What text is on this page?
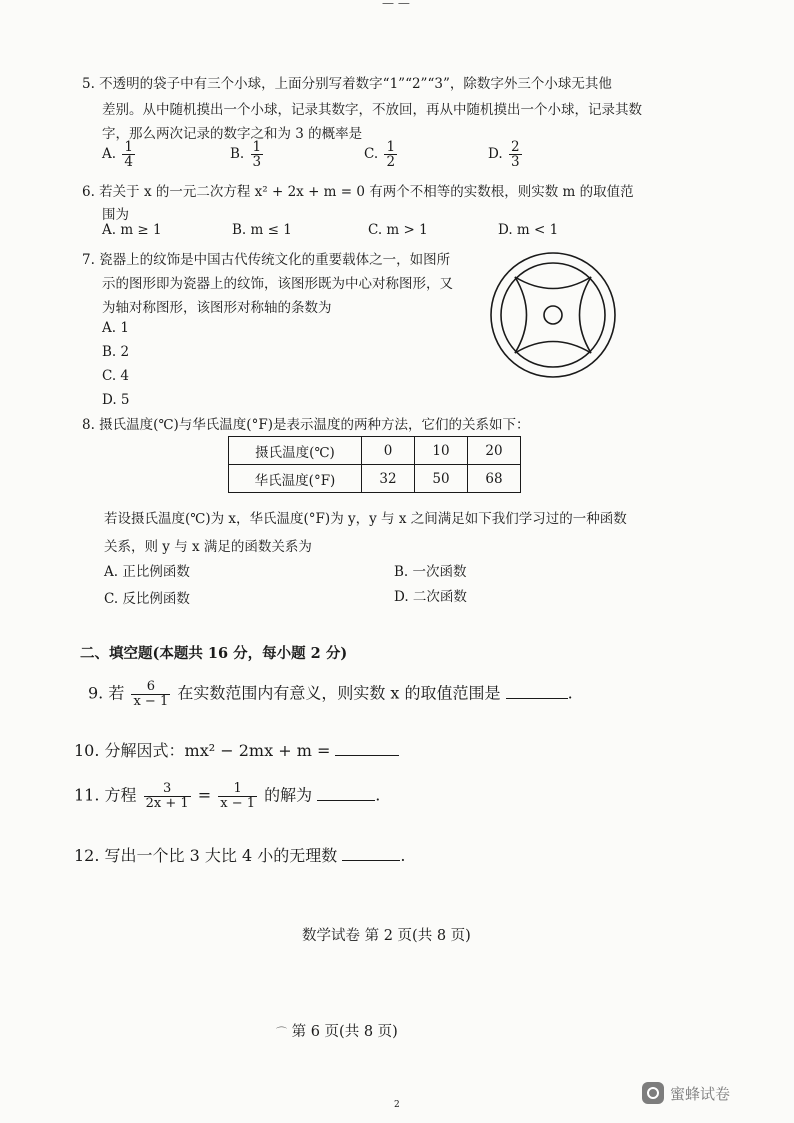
— —
5. 不透明的袋子中有三个小球，上面分别写着数字“1”“2”“3”，除数字外三个小球无其他
差别。从中随机摸出一个小球，记录其数字，不放回，再从中随机摸出一个小球，记录其数
字，那么两次记录的数字之和为 3 的概率是
A. $\frac{1}{4}$	B. $\frac{1}{3}$	C. $\frac{1}{2}$	D. $\frac{2}{3}$
6. 若关于 x 的一元二次方程 x² + 2x + m = 0 有两个不相等的实数根，则实数 m 的取值范
围为
A. m ≥ 1	B. m ≤ 1	C. m > 1	D. m < 1
7. 瓷器上的纹饰是中国古代传统文化的重要载体之一，如图所
示的图形即为瓷器上的纹饰，该图形既为中心对称图形，又
为轴对称图形，该图形对称轴的条数为
A. 1
B. 2
C. 4
D. 5
8. 摄氏温度(℃)与华氏温度(°F)是表示温度的两种方法，它们的关系如下：
摄氏温度(℃)	0	10	20
华氏温度(°F)	32	50	68
若设摄氏温度(℃)为 x，华氏温度(°F)为 y，y 与 x 之间满足如下我们学习过的一种函数
关系，则 y 与 x 满足的函数关系为
A. 正比例函数	B. 一次函数
C. 反比例函数	D. 二次函数
二、填空题(本题共 16 分，每小题 2 分)
9. 若 $\frac{6}{x - 1}$ 在实数范围内有意义，则实数 x 的取值范围是	.
10. 分解因式：mx² − 2mx + m =
11. 方程 $\frac{3}{2x + 1} = \frac{1}{x - 1}$ 的解为	.
12. 写出一个比 3 大比 4 小的无理数	.
数学试卷 第 2 页(共 8 页)
⌒ 第 6 页(共 8 页)
2
蜜蜂试卷
